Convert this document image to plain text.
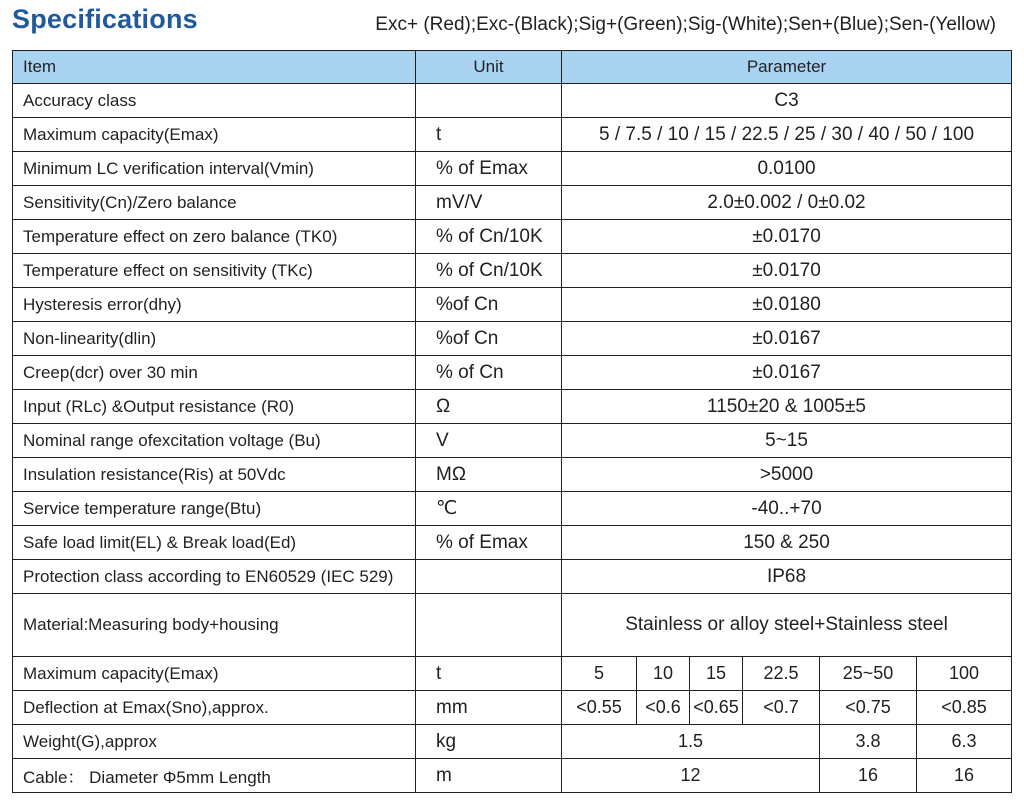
Specifications	Exc+ (Red);Exc-(Black);Sig+(Green);Sig-(White);Sen+(Blue);Sen-(Yellow)
Item	Unit	Parameter					
Accuracy class		C3					
Maximum capacity(Emax)	t	5 / 7.5 / 10 / 15 / 22.5 / 25 / 30 / 40 / 50 / 100					
Minimum LC verification interval(Vmin)	% of Emax	0.0100					
Sensitivity(Cn)/Zero balance	mV/V	2.0±0.002 / 0±0.02					
Temperature effect on zero balance (TK0)	% of Cn/10K	±0.0170					
Temperature effect on sensitivity (TKc)	% of Cn/10K	±0.0170					
Hysteresis error(dhy)	%of Cn	±0.0180					
Non-linearity(dlin)	%of Cn	±0.0167					
Creep(dcr) over 30 min	% of Cn	±0.0167					
Input (RLc) &Output resistance (R0)	Ω	1150±20 & 1005±5					
Nominal range ofexcitation voltage (Bu)	V	5~15					
Insulation resistance(Ris) at 50Vdc	MΩ	>5000					
Service temperature range(Btu)	℃	-40..+70					
Safe load limit(EL) & Break load(Ed)	% of Emax	150 & 250					
Protection class according to EN60529 (IEC 529)		IP68					
Material:Measuring body+housing		Stainless or alloy steel+Stainless steel					
Maximum capacity(Emax)	t	5	10	15	22.5	25~50	100
Deflection at Emax(Sno),approx.	mm	<0.55	<0.6	<0.65	<0.7	<0.75	<0.85
Weight(G),approx	kg	1.5				3.8	6.3
Cable： Diameter Φ5mm Length	m	12				16	16
